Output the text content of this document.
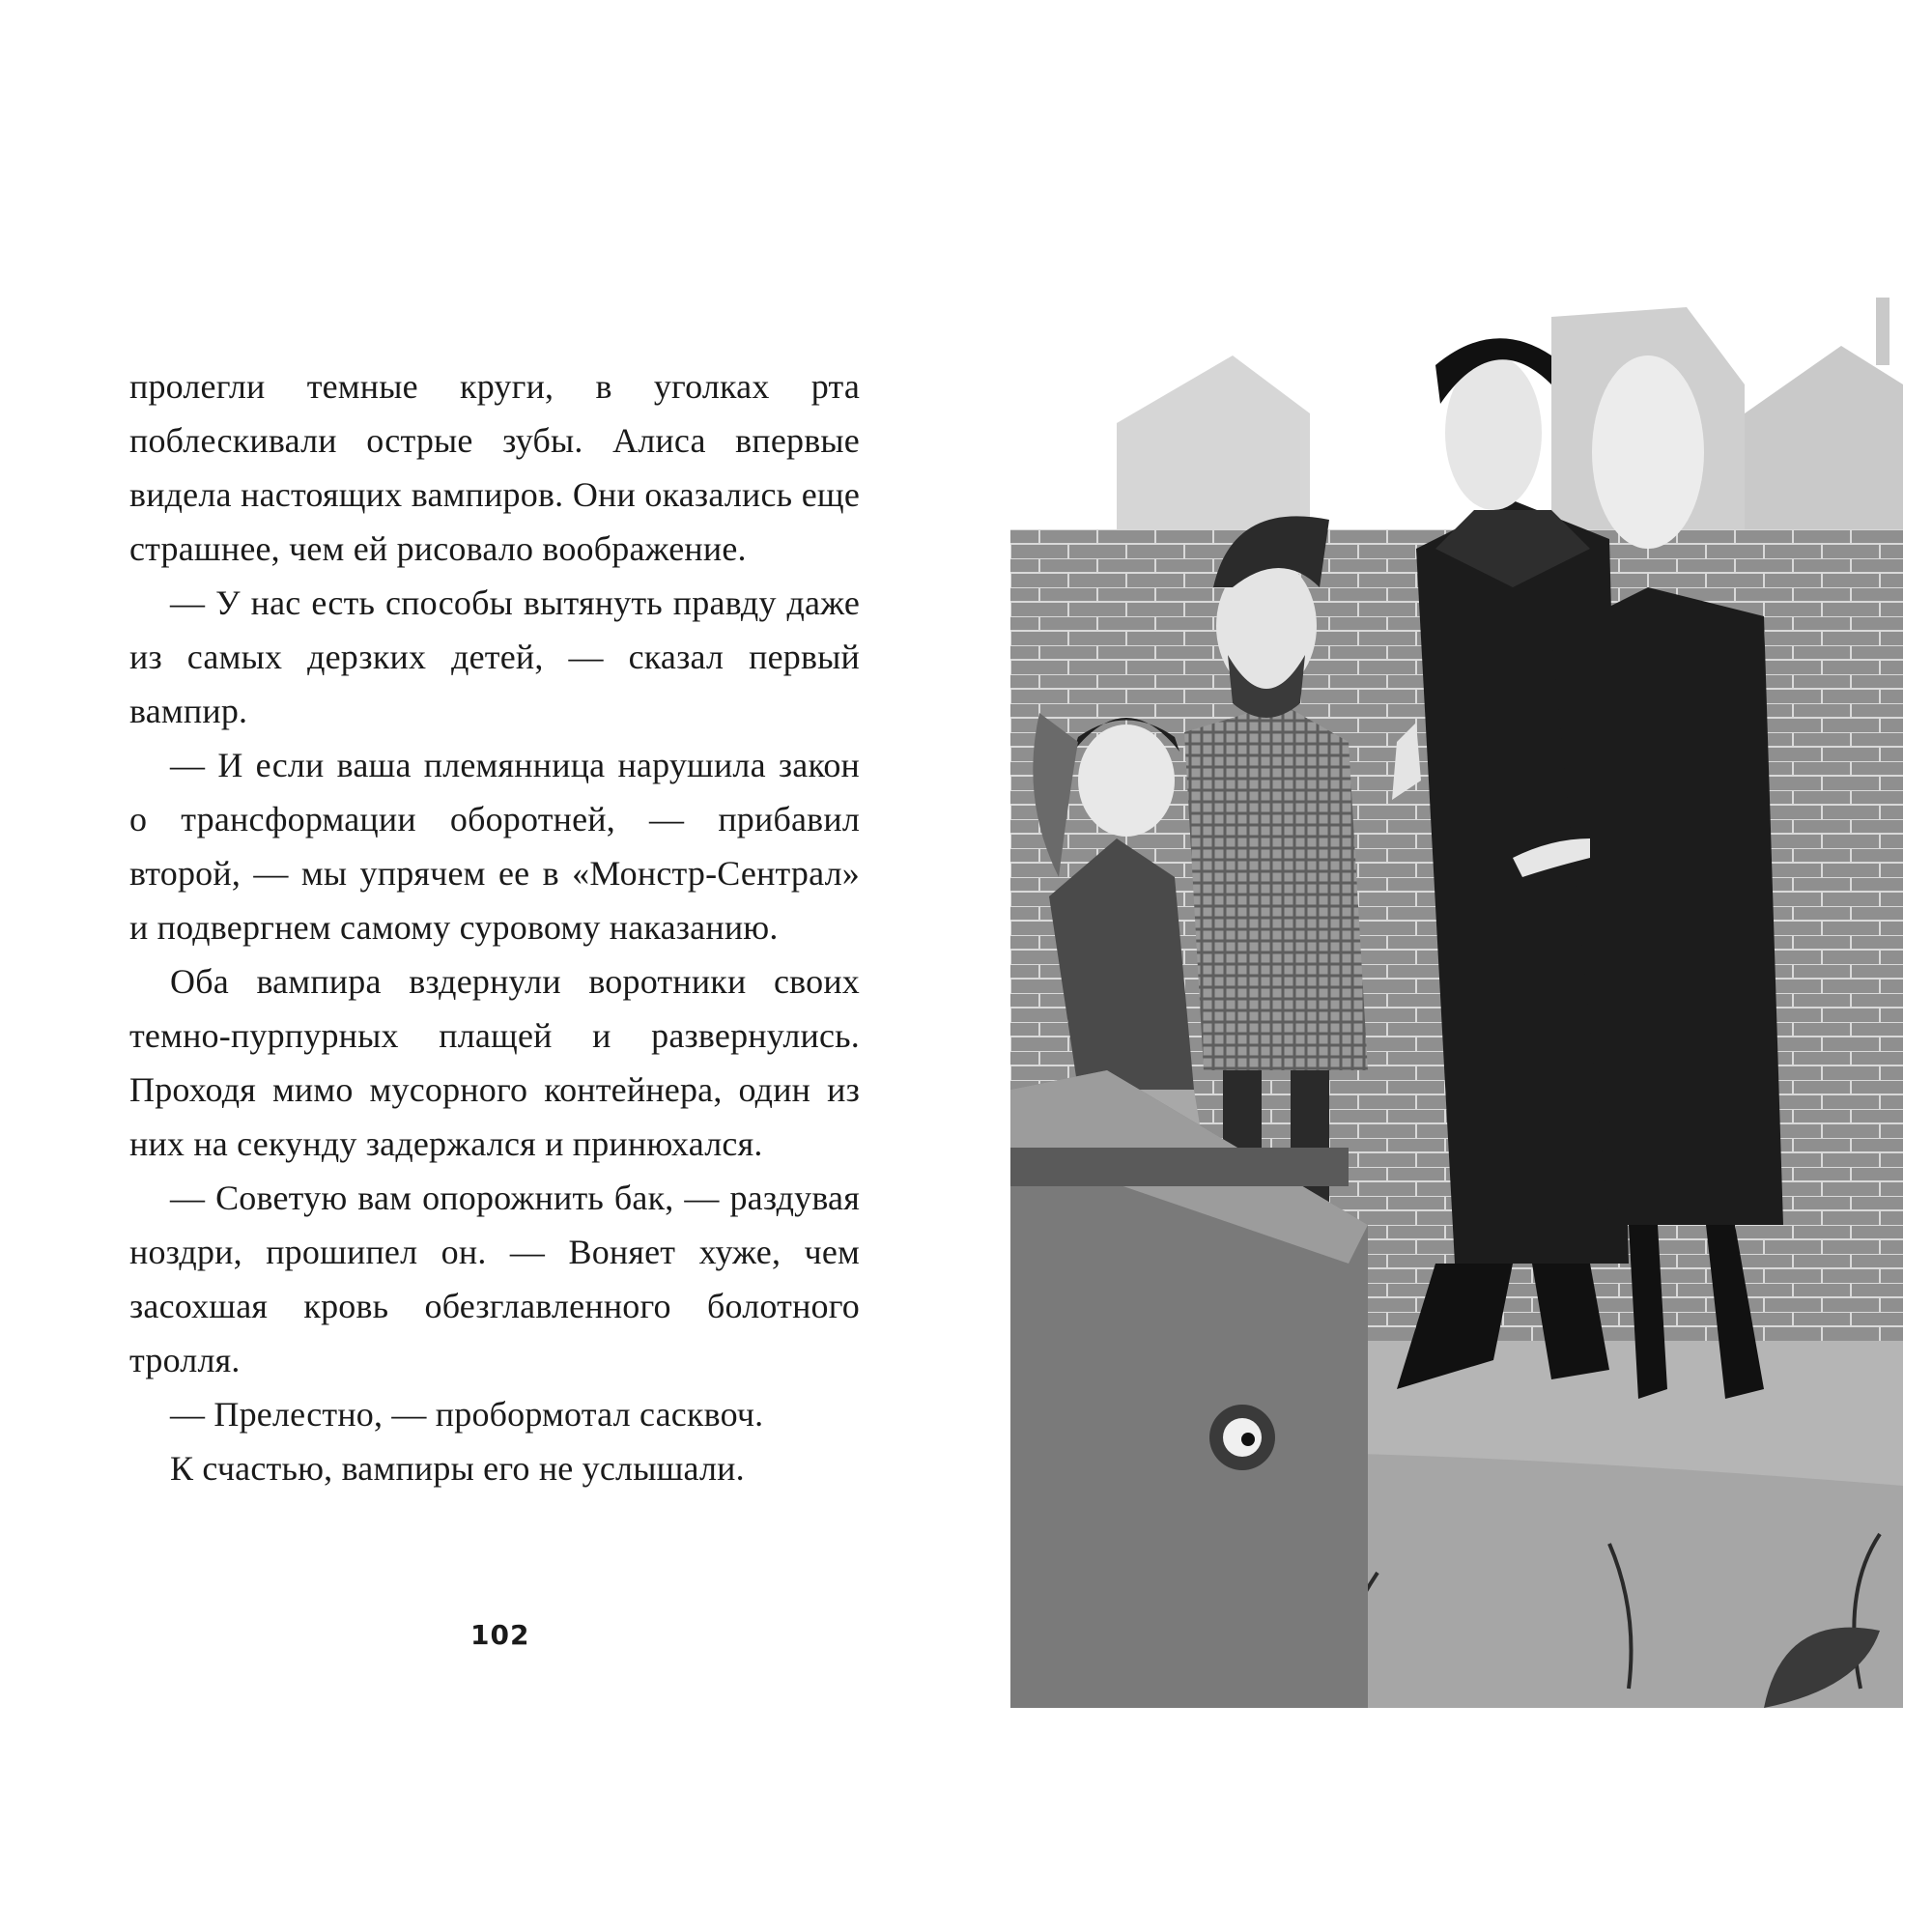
пролегли темные круги, в уголках рта поблескивали острые зубы. Алиса впервые видела настоящих вампиров. Они оказались еще страшнее, чем ей рисовало воображение.

— У нас есть способы вытянуть правду даже из самых дерзких детей, — сказал первый вампир.

— И если ваша племянница нарушила закон о трансформации оборотней, — прибавил второй, — мы упрячем ее в «Монстр-Сентрал» и подвергнем самому суровому наказанию.

Оба вампира вздернули воротники своих темно-пурпурных плащей и развернулись. Проходя мимо мусорного контейнера, один из них на секунду задержался и принюхался.

— Советую вам опорожнить бак, — раздувая ноздри, прошипел он. — Воняет хуже, чем засохшая кровь обезглавленного болотного тролля.

— Прелестно, — пробормотал сасквоч.

К счастью, вампиры его не услышали.

102
